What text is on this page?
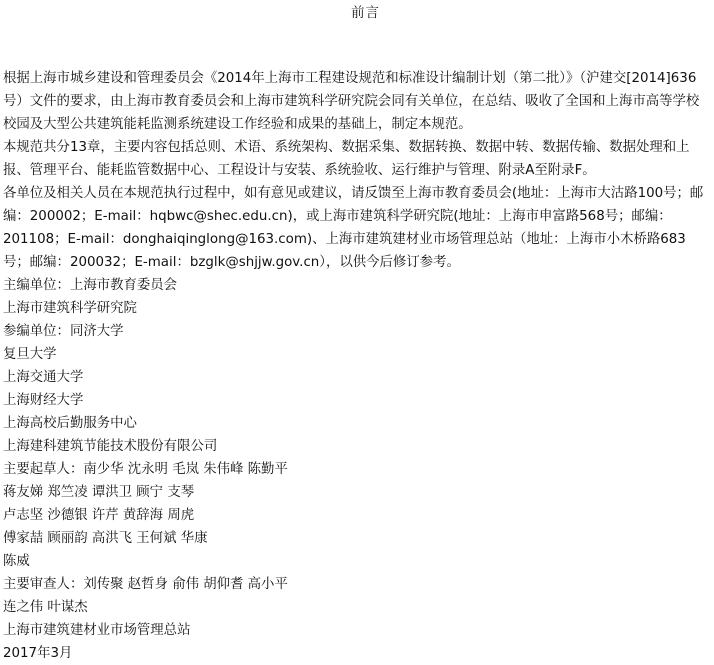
前言

根据上海市城乡建设和管理委员会《2014年上海市工程建设规范和标准设计编制计划（第二批）》（沪建交[2014]636号）文件的要求，由上海市教育委员会和上海市建筑科学研究院会同有关单位，在总结、吸收了全国和上海市高等学校校园及大型公共建筑能耗监测系统建设工作经验和成果的基础上，制定本规范。

本规范共分13章，主要内容包括总则、术语、系统架构、数据采集、数据转换、数据中转、数据传输、数据处理和上报、管理平台、能耗监管数据中心、工程设计与安装、系统验收、运行维护与管理、附录A至附录F。

各单位及相关人员在本规范执行过程中，如有意见或建议，请反馈至上海市教育委员会(地址：上海市大沽路100号；邮编：200002；E-mail：hqbwc@shec.edu.cn)，或上海市建筑科学研究院(地址：上海市申富路568号；邮编：201108；E-mail：donghaiqinglong@163.com)、上海市建筑建材业市场管理总站（地址：上海市小木桥路683号；邮编：200032；E-mail：bzglk@shjjw.gov.cn），以供今后修订参考。

主编单位：上海市教育委员会
上海市建筑科学研究院
参编单位：同济大学
复旦大学
上海交通大学
上海财经大学
上海高校后勤服务中心
上海建科建筑节能技术股份有限公司
主要起草人：南少华 沈永明 毛岚 朱伟峰 陈勤平
蒋友娣 郑竺凌 谭洪卫 顾宁 支琴
卢志坚 沙德银 许芹 黄辞海 周虎
傅家喆 顾丽韵 高洪飞 王何斌 华康
陈威
主要审查人：刘传聚 赵哲身 俞伟 胡仰耆 高小平
连之伟 叶谋杰
上海市建筑建材业市场管理总站
2017年3月
